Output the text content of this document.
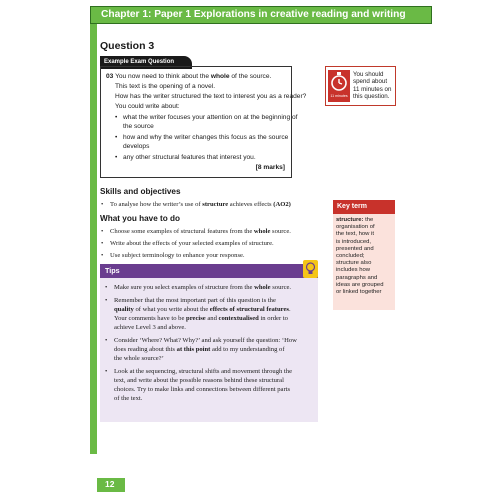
Chapter 1: Paper 1 Explorations in creative reading and writing
Question 3
Example Exam Question
03 You now need to think about the whole of the source.
This text is the opening of a novel.
How has the writer structured the text to interest you as a reader?
You could write about:
• what the writer focuses your attention on at the beginning of
the source
• how and why the writer changes this focus as the source
develops
• any other structural features that interest you.
[8 marks]
11 minutes
You should
spend about
11 minutes on
this question.
Skills and objectives
• To analyse how the writer’s use of structure achieves effects (AO2)
What you have to do
• Choose some examples of structural features from the whole source.
• Write about the effects of your selected examples of structure.
• Use subject terminology to enhance your response.
Key term
structure: the
organisation of
the text, how it
is introduced,
presented and
concluded;
structure also
includes how
paragraphs and
ideas are grouped
or linked together
Tips
• Make sure you select examples of structure from the whole source.
• Remember that the most important part of this question is the
quality of what you write about the effects of structural features.
Your comments have to be precise and contextualised in order to
achieve Level 3 and above.
• Consider ‘Where? What? Why?’ and ask yourself the question: ‘How
does reading about this at this point add to my understanding of
the whole source?’
• Look at the sequencing, structural shifts and movement through the
text, and write about the possible reasons behind these structural
choices. Try to make links and connections between different parts
of the text.
12
